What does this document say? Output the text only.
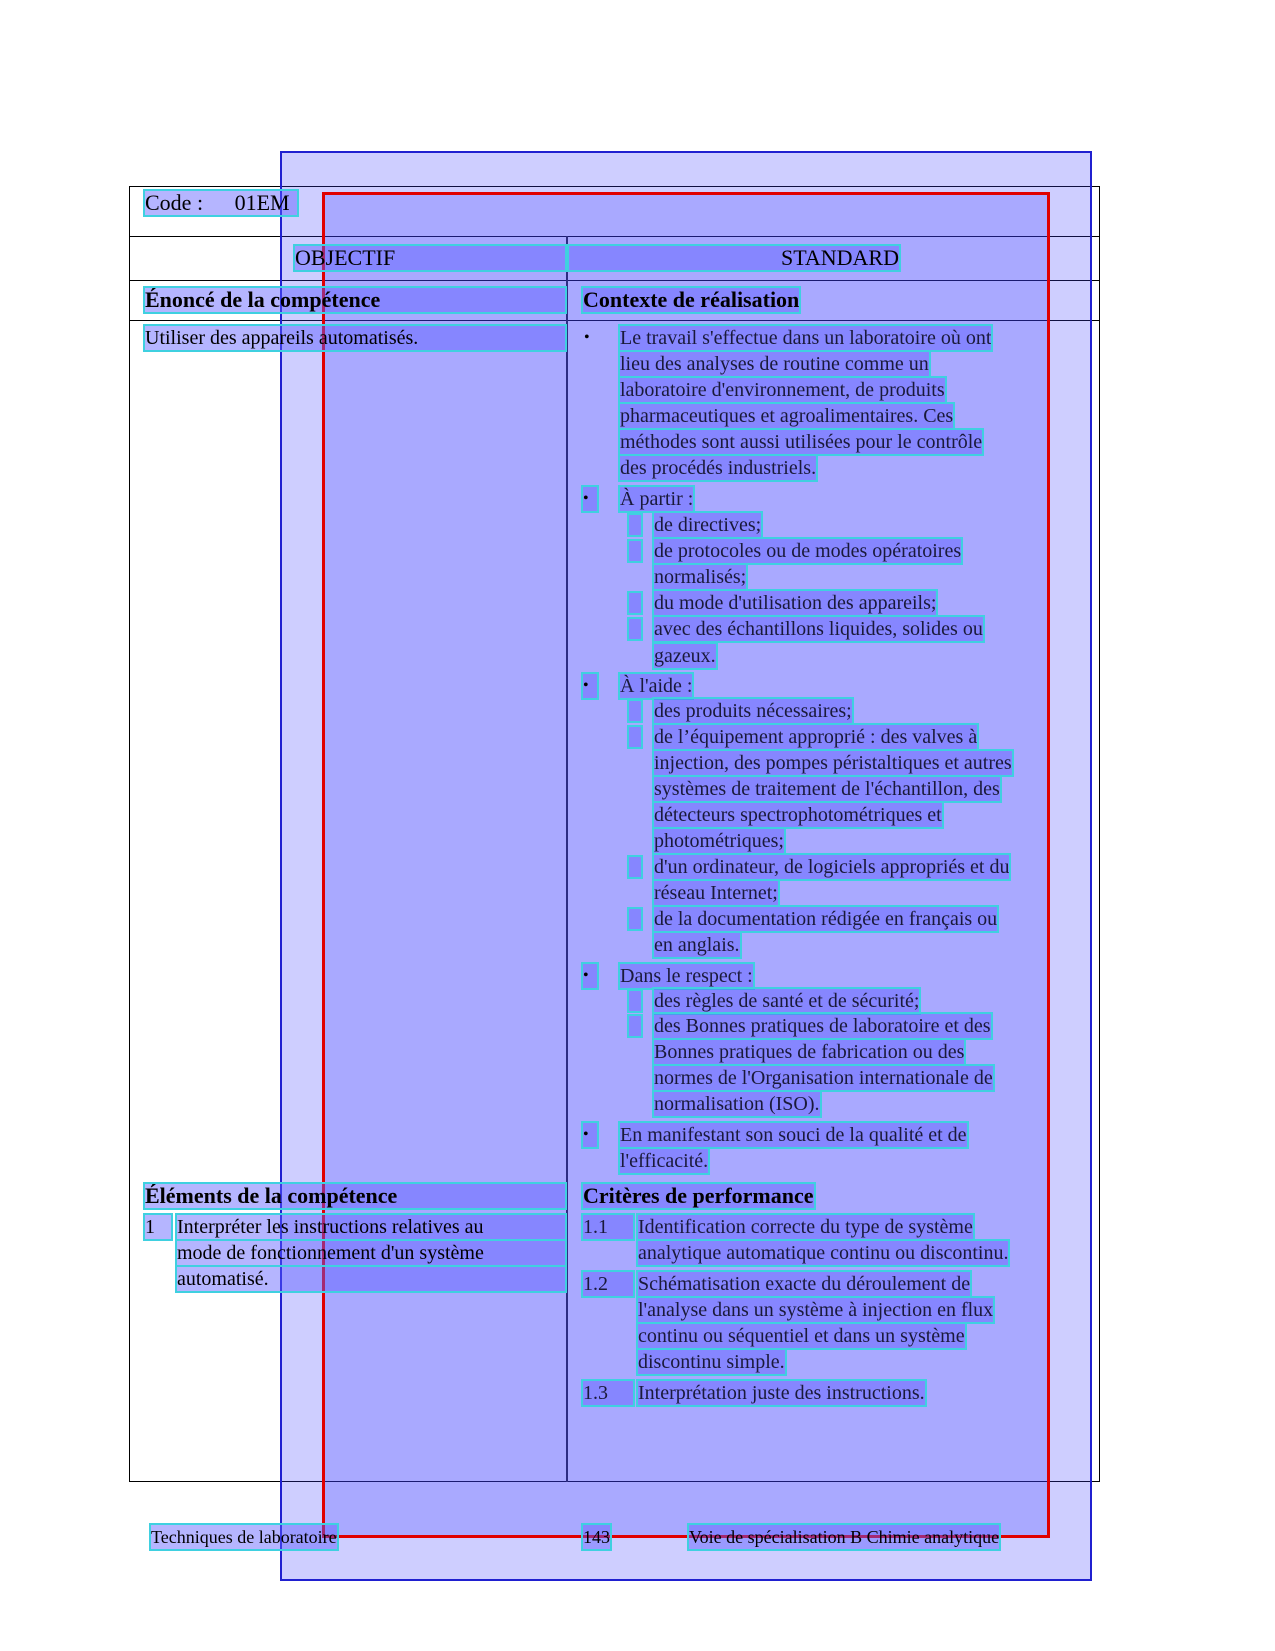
Code : 01EM
OBJECTIF	STANDARD
Énoncé de la compétence	Contexte de réalisation
Utiliser des appareils automatisés.	• Le travail s'effectue dans un laboratoire où ont
lieu des analyses de routine comme un
laboratoire d'environnement, de produits
pharmaceutiques et agroalimentaires. Ces
méthodes sont aussi utilisées pour le contrôle
des procédés industriels.
•	À partir :
de directives;
de protocoles ou de modes opératoires
normalisés;
du mode d'utilisation des appareils;
avec des échantillons liquides, solides ou
gazeux.
•	À l'aide :
des produits nécessaires;
de l’équipement approprié : des valves à
injection, des pompes péristaltiques et autres
systèmes de traitement de l'échantillon, des
détecteurs spectrophotométriques et
photométriques;
d'un ordinateur, de logiciels appropriés et du
réseau Internet;
de la documentation rédigée en français ou
en anglais.
•	Dans le respect :
des règles de santé et de sécurité;
des Bonnes pratiques de laboratoire et des
Bonnes pratiques de fabrication ou des
normes de l'Organisation internationale de
normalisation (ISO).
•	En manifestant son souci de la qualité et de
l'efficacité.
Éléments de la compétence	Critères de performance
1	Interpréter les instructions relatives au
mode de fonctionnement d'un système
automatisé.
1.1	Identification correcte du type de système
analytique automatique continu ou discontinu.
1.2	Schématisation exacte du déroulement de
l'analyse dans un système à injection en flux
continu ou séquentiel et dans un système
discontinu simple.
1.3	Interprétation juste des instructions.
Techniques de laboratoire	143	Voie de spécialisation B Chimie analytique
